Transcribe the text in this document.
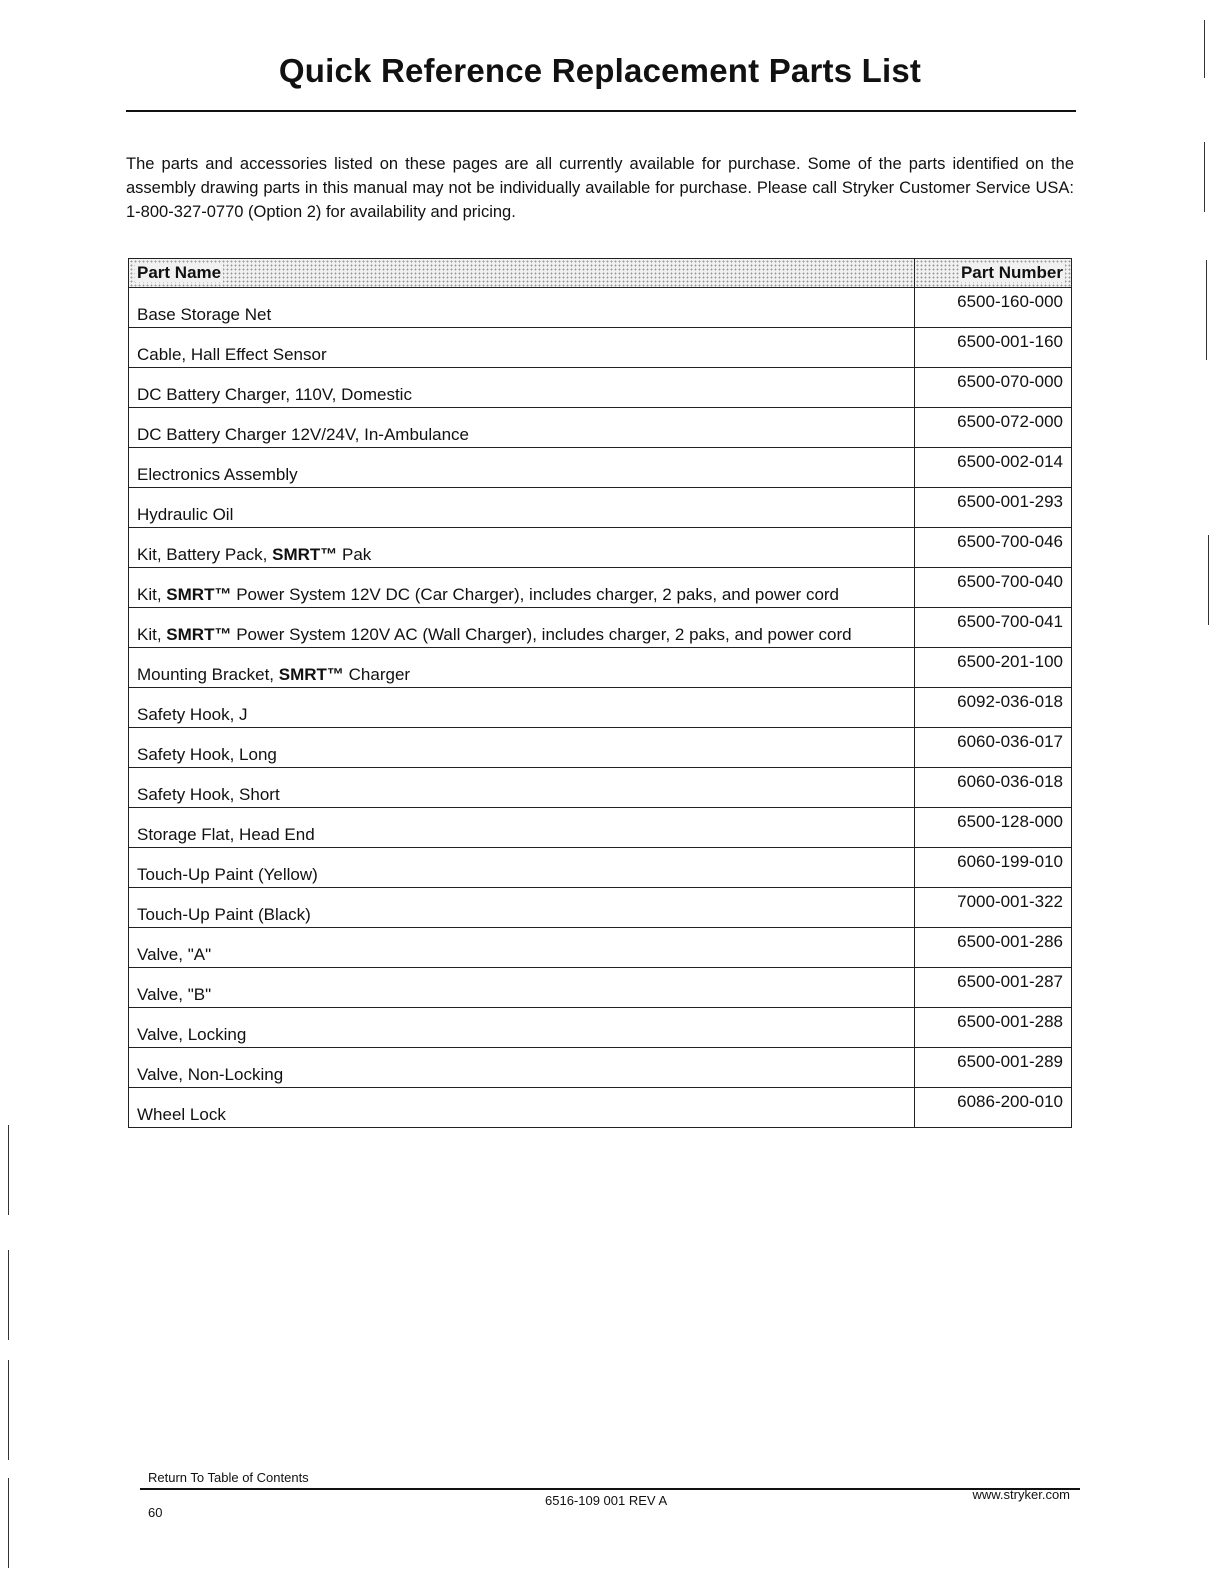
Quick Reference Replacement Parts List

The parts and accessories listed on these pages are all currently available for purchase. Some of the parts identified on the assembly drawing parts in this manual may not be individually available for purchase. Please call Stryker Customer Service USA: 1-800-327-0770 (Option 2) for availability and pricing.

Part Name	Part Number
Base Storage Net	6500-160-000
Cable, Hall Effect Sensor	6500-001-160
DC Battery Charger, 110V, Domestic	6500-070-000
DC Battery Charger 12V/24V, In-Ambulance	6500-072-000
Electronics Assembly	6500-002-014
Hydraulic Oil	6500-001-293
Kit, Battery Pack, SMRT™ Pak	6500-700-046
Kit, SMRT™ Power System 12V DC (Car Charger), includes charger, 2 paks, and power cord	6500-700-040
Kit, SMRT™ Power System 120V AC (Wall Charger), includes charger, 2 paks, and power cord	6500-700-041
Mounting Bracket, SMRT™ Charger	6500-201-100
Safety Hook, J	6092-036-018
Safety Hook, Long	6060-036-017
Safety Hook, Short	6060-036-018
Storage Flat, Head End	6500-128-000
Touch-Up Paint (Yellow)	6060-199-010
Touch-Up Paint (Black)	7000-001-322
Valve, "A"	6500-001-286
Valve, "B"	6500-001-287
Valve, Locking	6500-001-288
Valve, Non-Locking	6500-001-289
Wheel Lock	6086-200-010
Return To Table of Contents
60
6516-109 001 REV A	www.stryker.com
